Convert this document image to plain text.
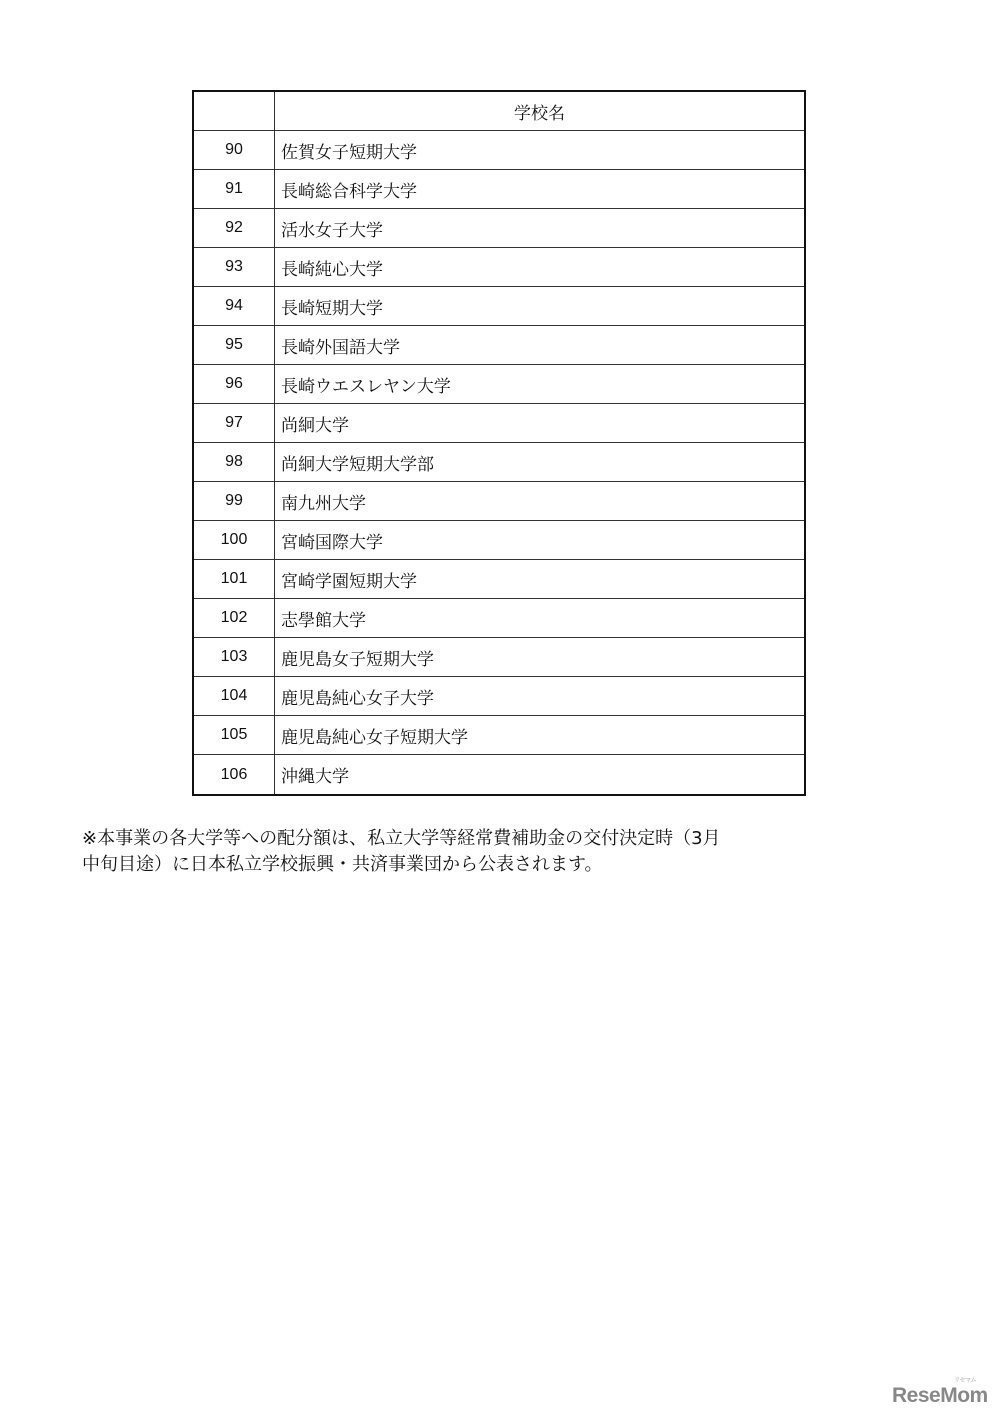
学校名
90	佐賀女子短期大学
91	長崎総合科学大学
92	活水女子大学
93	長崎純心大学
94	長崎短期大学
95	長崎外国語大学
96	長崎ウエスレヤン大学
97	尚絅大学
98	尚絅大学短期大学部
99	南九州大学
100	宮崎国際大学
101	宮崎学園短期大学
102	志學館大学
103	鹿児島女子短期大学
104	鹿児島純心女子大学
105	鹿児島純心女子短期大学
106	沖縄大学
※本事業の各大学等への配分額は、私立大学等経常費補助金の交付決定時（3月
中旬目途）に日本私立学校振興・共済事業団から公表されます。
ReseMom
リセマム
